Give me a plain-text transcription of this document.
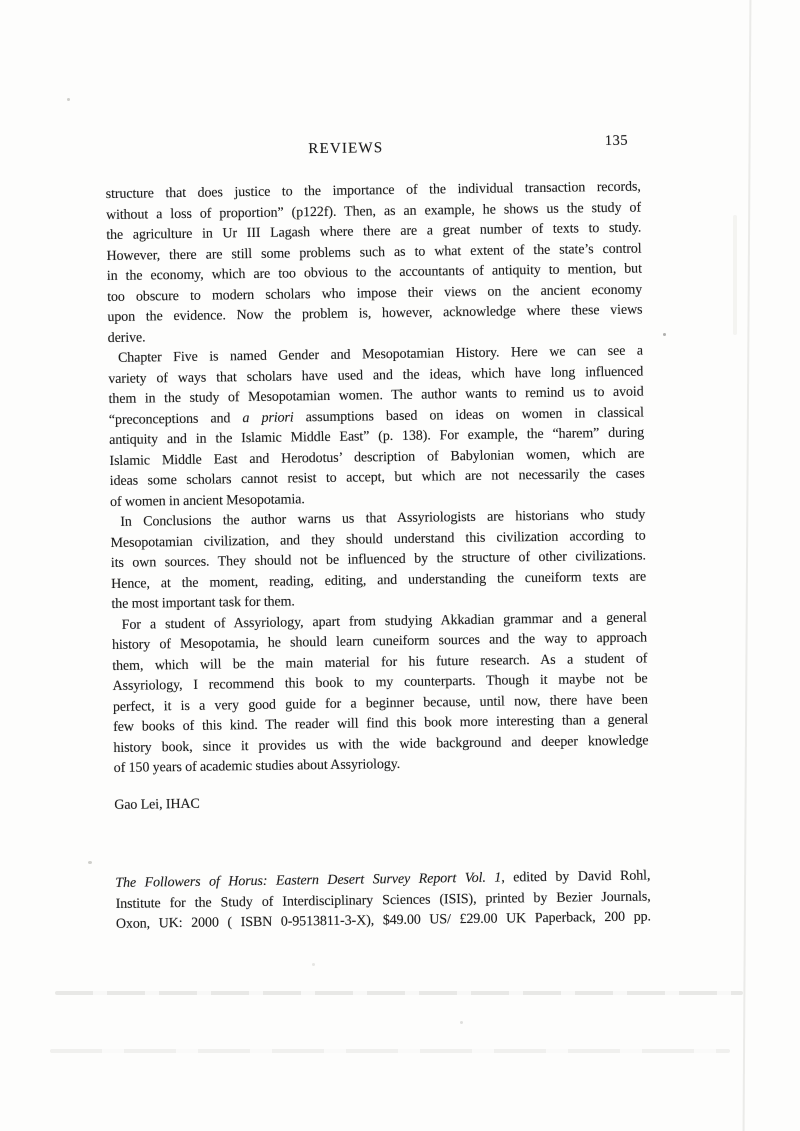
REVIEWS	135
structure that does justice to the importance of the individual transaction records,
without a loss of proportion” (p122f). Then, as an example, he shows us the study of
the agriculture in Ur III Lagash where there are a great number of texts to study.
However, there are still some problems such as to what extent of the state’s control
in the economy, which are too obvious to the accountants of antiquity to mention, but
too obscure to modern scholars who impose their views on the ancient economy
upon the evidence. Now the problem is, however, acknowledge where these views
derive.
Chapter Five is named Gender and Mesopotamian History. Here we can see a
variety of ways that scholars have used and the ideas, which have long influenced
them in the study of Mesopotamian women. The author wants to remind us to avoid
“preconceptions and a priori assumptions based on ideas on women in classical
antiquity and in the Islamic Middle East” (p. 138). For example, the “harem” during
Islamic Middle East and Herodotus’ description of Babylonian women, which are
ideas some scholars cannot resist to accept, but which are not necessarily the cases
of women in ancient Mesopotamia.
In Conclusions the author warns us that Assyriologists are historians who study
Mesopotamian civilization, and they should understand this civilization according to
its own sources. They should not be influenced by the structure of other civilizations.
Hence, at the moment, reading, editing, and understanding the cuneiform texts are
the most important task for them.
For a student of Assyriology, apart from studying Akkadian grammar and a general
history of Mesopotamia, he should learn cuneiform sources and the way to approach
them, which will be the main material for his future research. As a student of
Assyriology, I recommend this book to my counterparts. Though it maybe not be
perfect, it is a very good guide for a beginner because, until now, there have been
few books of this kind. The reader will find this book more interesting than a general
history book, since it provides us with the wide background and deeper knowledge
of 150 years of academic studies about Assyriology.
Gao Lei, IHAC
The Followers of Horus: Eastern Desert Survey Report Vol. 1, edited by David Rohl,
Institute for the Study of Interdisciplinary Sciences (ISIS), printed by Bezier Journals,
Oxon, UK: 2000 ( ISBN 0-9513811-3-X), $49.00 US/ £29.00 UK Paperback, 200 pp.
